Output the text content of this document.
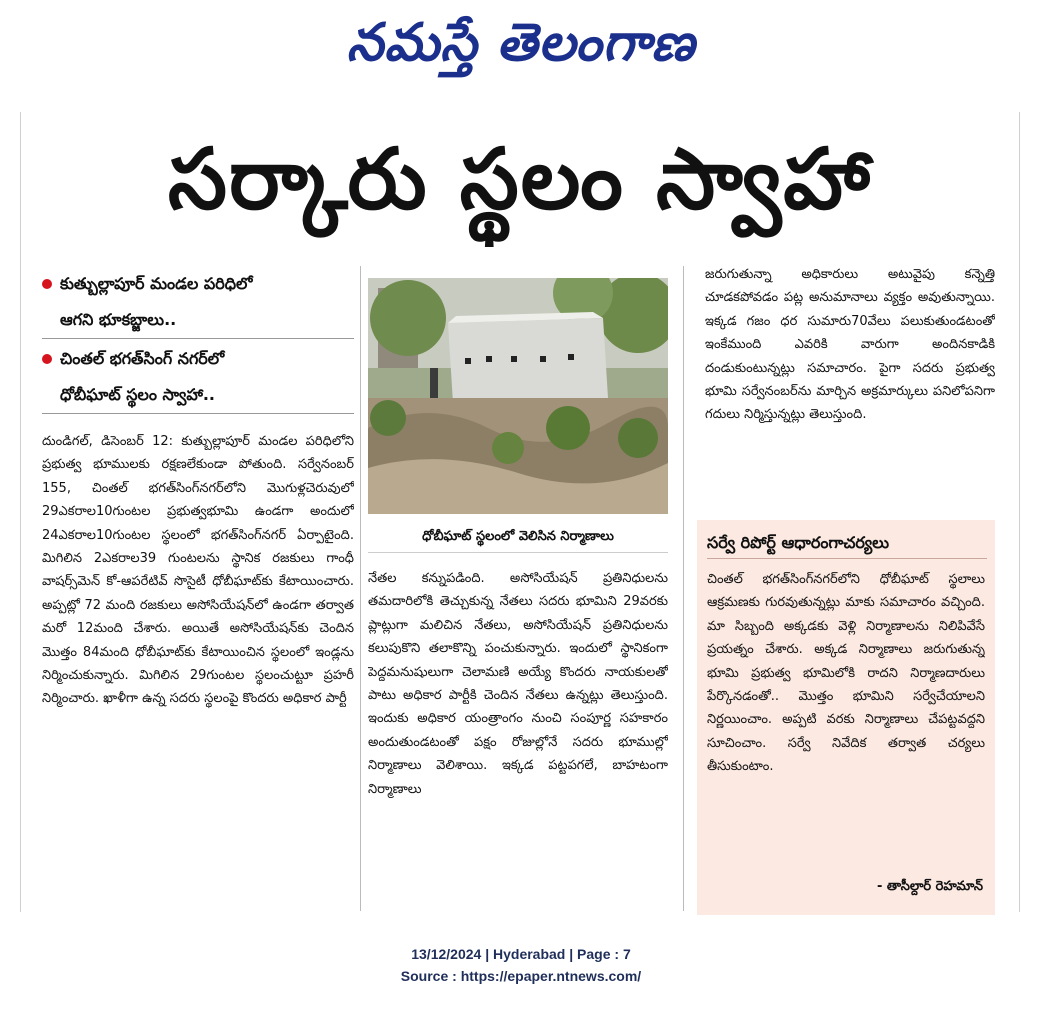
నమస్తే తెలంగాణ
సర్కారు స్థలం స్వాహా
కుత్బుల్లాపూర్ మండల పరిధిలో
ఆగని భూకబ్జాలు..
చింతల్ భగత్‌సింగ్ నగర్‌లో
ధోబీఘాట్ స్థలం స్వాహా..

దుండిగల్, డిసెంబర్ 12: కుత్బుల్లాపూర్ మండల పరిధిలోని ప్రభుత్వ భూములకు రక్షణలేకుండా పోతుంది. సర్వేనంబర్ 155, చింతల్ భగత్‌సింగ్‌నగర్‌లోని మొగుళ్లచెరువులో 29ఎకరాల10గుంటల ప్రభుత్వభూమి ఉండగా అందులో 24ఎకరాల10గుంటల స్థలంలో భగత్‌సింగ్‌నగర్ ఏర్పాటైంది. మిగిలిన 2ఎకరాల39 గుంటలను స్థానిక రజకులు గాంధీ వాషర్స్‌మెన్ కో-ఆపరేటివ్ సొసైటీ ధోబీఘాట్‌కు కేటాయించారు. అప్పట్లో 72 మంది రజకులు అసోసియేషన్‌లో ఉండగా తర్వాత మరో 12మంది చేశారు. అయితే అసోసియేషన్‌కు చెందిన మొత్తం 84మంది ధోబీఘాట్‌కు కేటాయించిన స్థలంలో ఇండ్లను నిర్మించుకున్నారు. మిగిలిన 29గుంటల స్థలంచుట్టూ ప్రహరీ నిర్మించారు. ఖాళీగా ఉన్న సదరు స్థలంపై కొందరు అధికార పార్టీ

ధోబీఘాట్ స్థలంలో వెలిసిన నిర్మాణాలు

నేతల కన్నుపడింది. అసోసియేషన్ ప్రతినిధులను తమదారిలోకి తెచ్చుకున్న నేతలు సదరు భూమిని 29వరకు ప్లాట్లుగా మలిచిన నేతలు, అసోసియేషన్ ప్రతినిధులను కలుపుకొని తలాకొన్ని పంచుకున్నారు. ఇందులో స్థానికంగా పెద్దమనుషులుగా చెలామణి అయ్యే కొందరు నాయకులతో పాటు అధికార పార్టీకి చెందిన నేతలు ఉన్నట్లు తెలుస్తుంది. ఇందుకు అధికార యంత్రాంగం నుంచి సంపూర్ణ సహకారం అందుతుండటంతో పక్షం రోజుల్లోనే సదరు భూముల్లో నిర్మాణాలు వెలిశాయి. ఇక్కడ పట్టపగలే, బాహటంగా నిర్మాణాలు

జరుగుతున్నా అధికారులు అటువైపు కన్నెత్తి చూడకపోవడం పట్ల అనుమానాలు వ్యక్తం అవుతున్నాయి. ఇక్కడ గజం ధర సుమారు70వేలు పలుకుతుండటంతో ఇంకేముంది ఎవరికి వారుగా అందినకాడికి దండుకుంటున్నట్లు సమాచారం. పైగా సదరు ప్రభుత్వ భూమి సర్వేనంబర్‌ను మార్చిన అక్రమార్కులు పనిలోపనిగా గదులు నిర్మిస్తున్నట్లు తెలుస్తుంది.

సర్వే రిపోర్ట్ ఆధారంగాచర్యలు
చింతల్ భగత్‌సింగ్‌నగర్‌లోని ధోబీఘాట్ స్థలాలు ఆక్రమణకు గురవుతున్నట్లు మాకు సమాచారం వచ్చింది. మా సిబ్బంది అక్కడకు వెళ్లి నిర్మాణాలను నిలిపివేసే ప్రయత్నం చేశారు. అక్కడ నిర్మాణాలు జరుగుతున్న భూమి ప్రభుత్వ భూమిలోకి రాదని నిర్మాణదారులు పేర్కొనడంతో.. మొత్తం భూమిని సర్వేచేయాలని నిర్ణయించాం. అప్పటి వరకు నిర్మాణాలు చేపట్టవద్దని సూచించాం. సర్వే నివేదిక తర్వాత చర్యలు తీసుకుంటాం.
- తాసీల్దార్ రెహమాన్
13/12/2024 | Hyderabad | Page : 7
Source : https://epaper.ntnews.com/
